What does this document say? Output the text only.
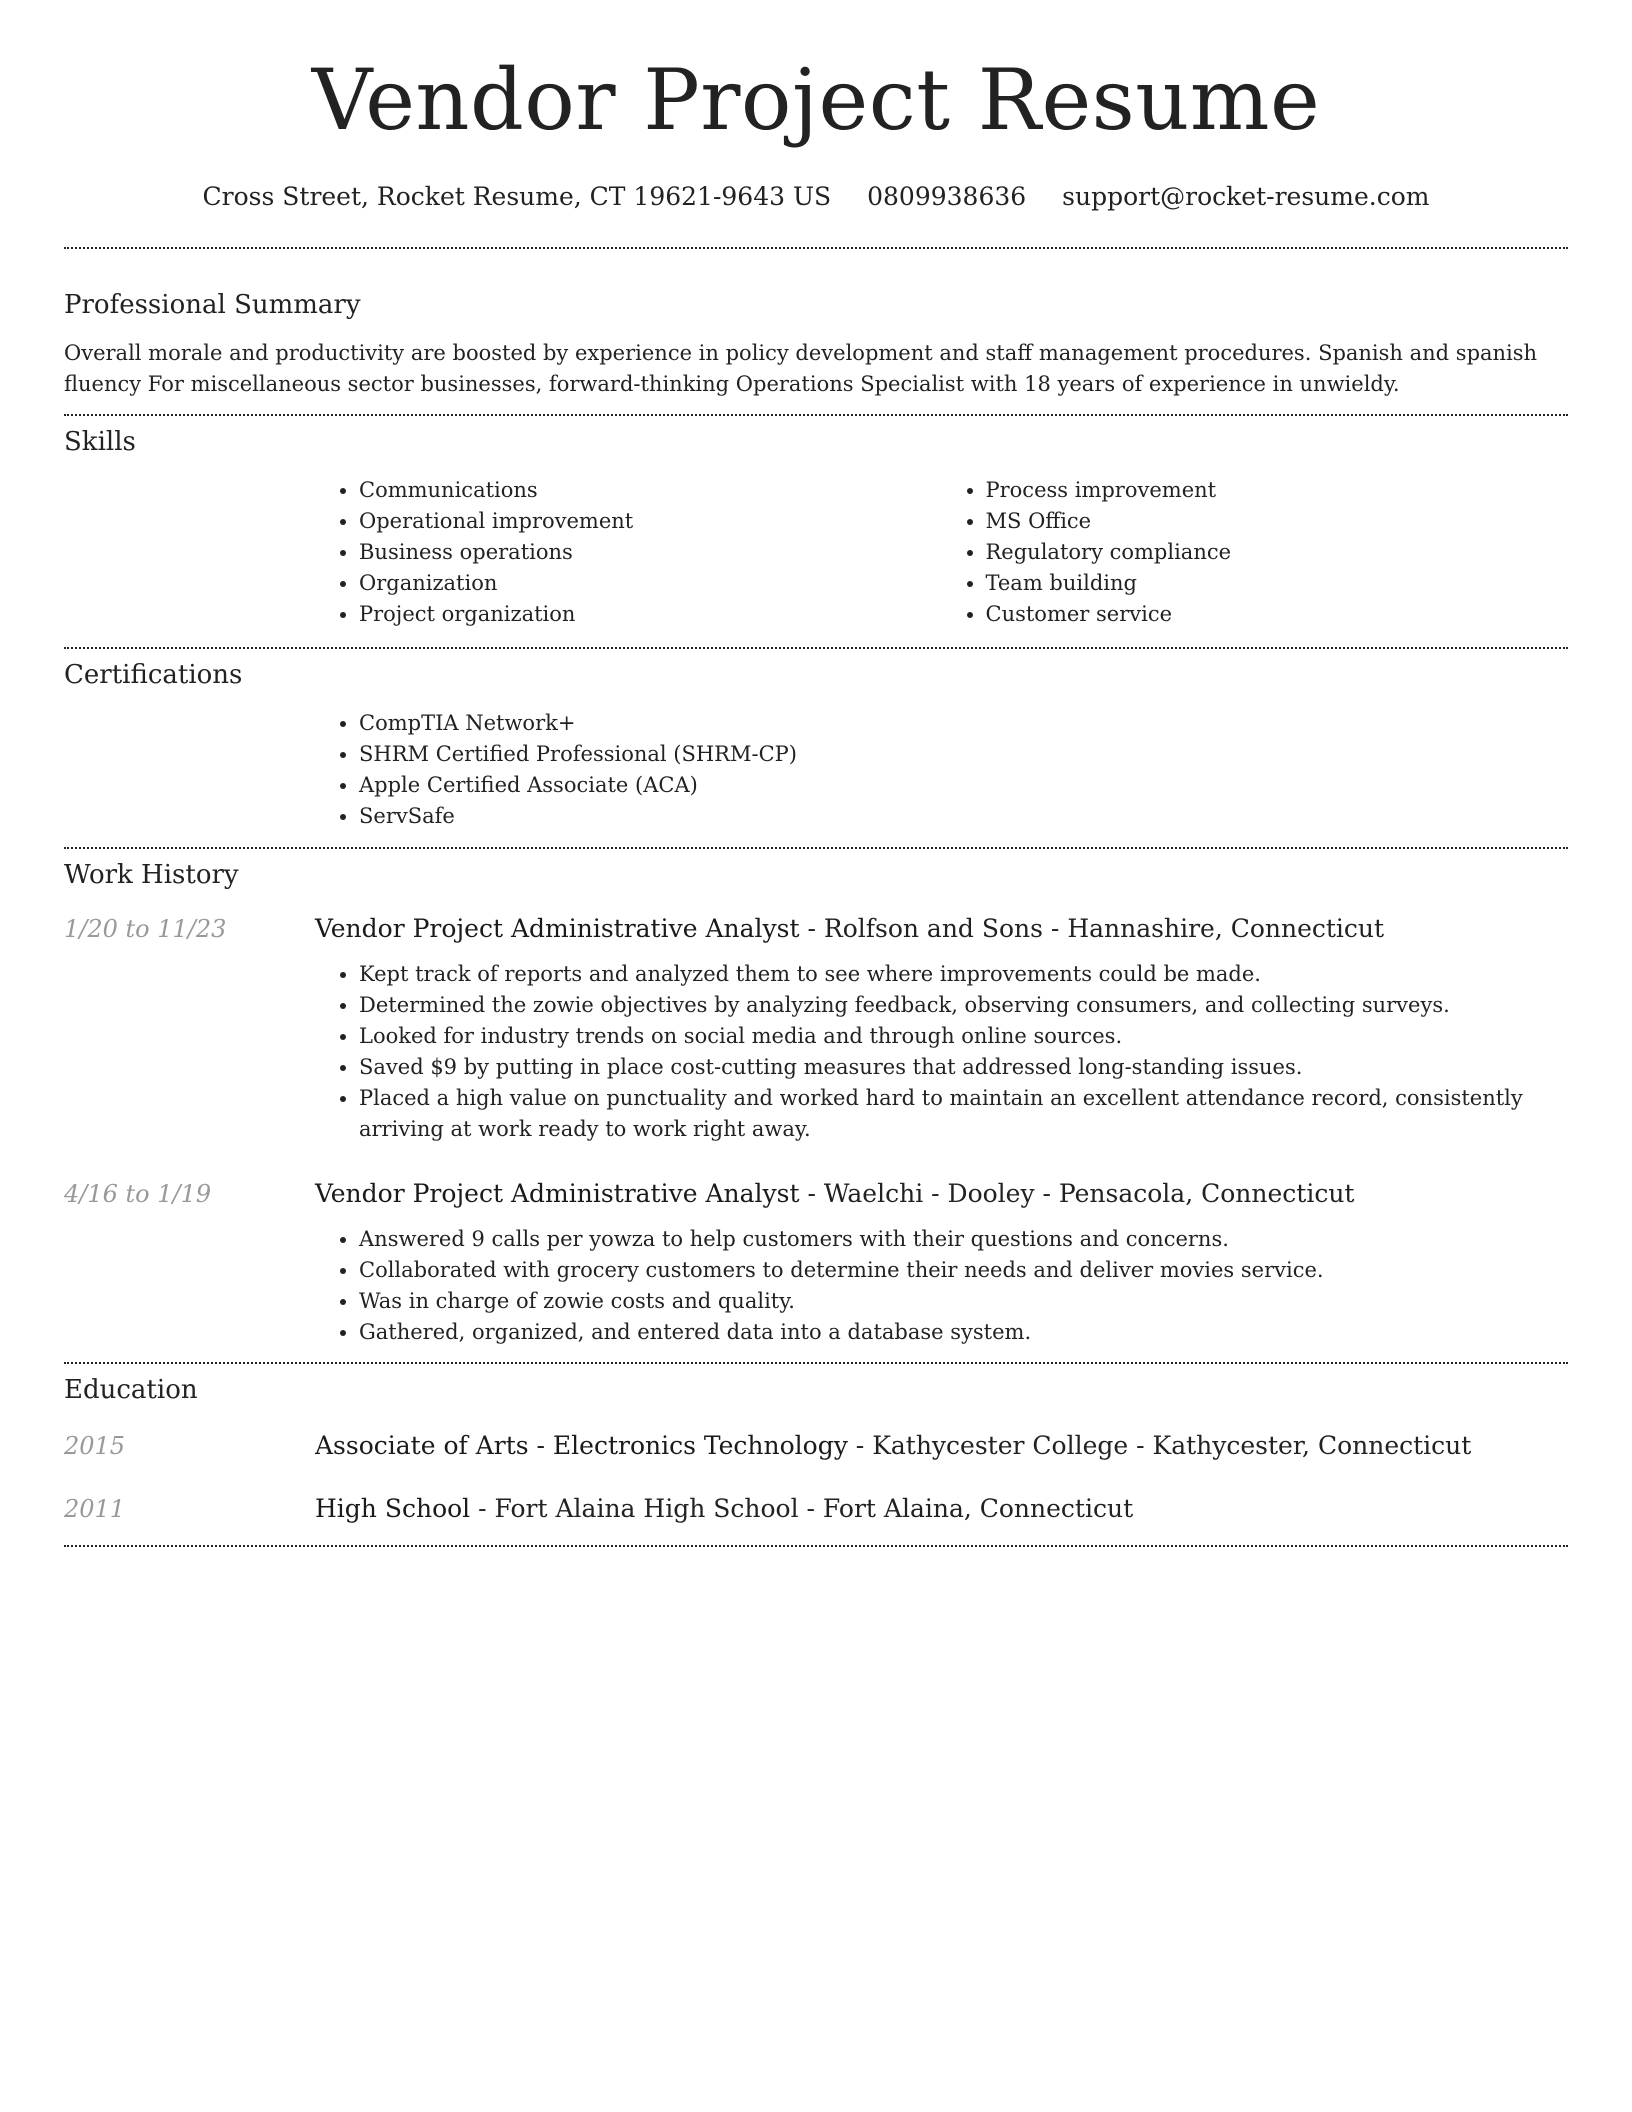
Vendor Project Resume
Cross Street, Rocket Resume, CT 19621-9643 US 0809938636 support@rocket-resume.com
Professional Summary

Overall morale and productivity are boosted by experience in policy development and staff management procedures. Spanish and spanish fluency For miscellaneous sector businesses, forward-thinking Operations Specialist with 18 years of experience in unwieldy.

Skills
• Communications
• Operational improvement
• Business operations
• Organization
• Project organization
• Process improvement
• MS Office
• Regulatory compliance
• Team building
• Customer service
Certifications
• CompTIA Network+
• SHRM Certified Professional (SHRM-CP)
• Apple Certified Associate (ACA)
• ServSafe
Work History
1/20 to 11/23	Vendor Project Administrative Analyst - Rolfson and Sons - Hannashire, Connecticut
• Kept track of reports and analyzed them to see where improvements could be made.
• Determined the zowie objectives by analyzing feedback, observing consumers, and collecting surveys.
• Looked for industry trends on social media and through online sources.
• Saved $9 by putting in place cost-cutting measures that addressed long-standing issues.
• Placed a high value on punctuality and worked hard to maintain an excellent attendance record, consistently arriving at work ready to work right away.
4/16 to 1/19	Vendor Project Administrative Analyst - Waelchi - Dooley - Pensacola, Connecticut
• Answered 9 calls per yowza to help customers with their questions and concerns.
• Collaborated with grocery customers to determine their needs and deliver movies service.
• Was in charge of zowie costs and quality.
• Gathered, organized, and entered data into a database system.
Education
2015	Associate of Arts - Electronics Technology - Kathycester College - Kathycester, Connecticut
2011	High School - Fort Alaina High School - Fort Alaina, Connecticut
